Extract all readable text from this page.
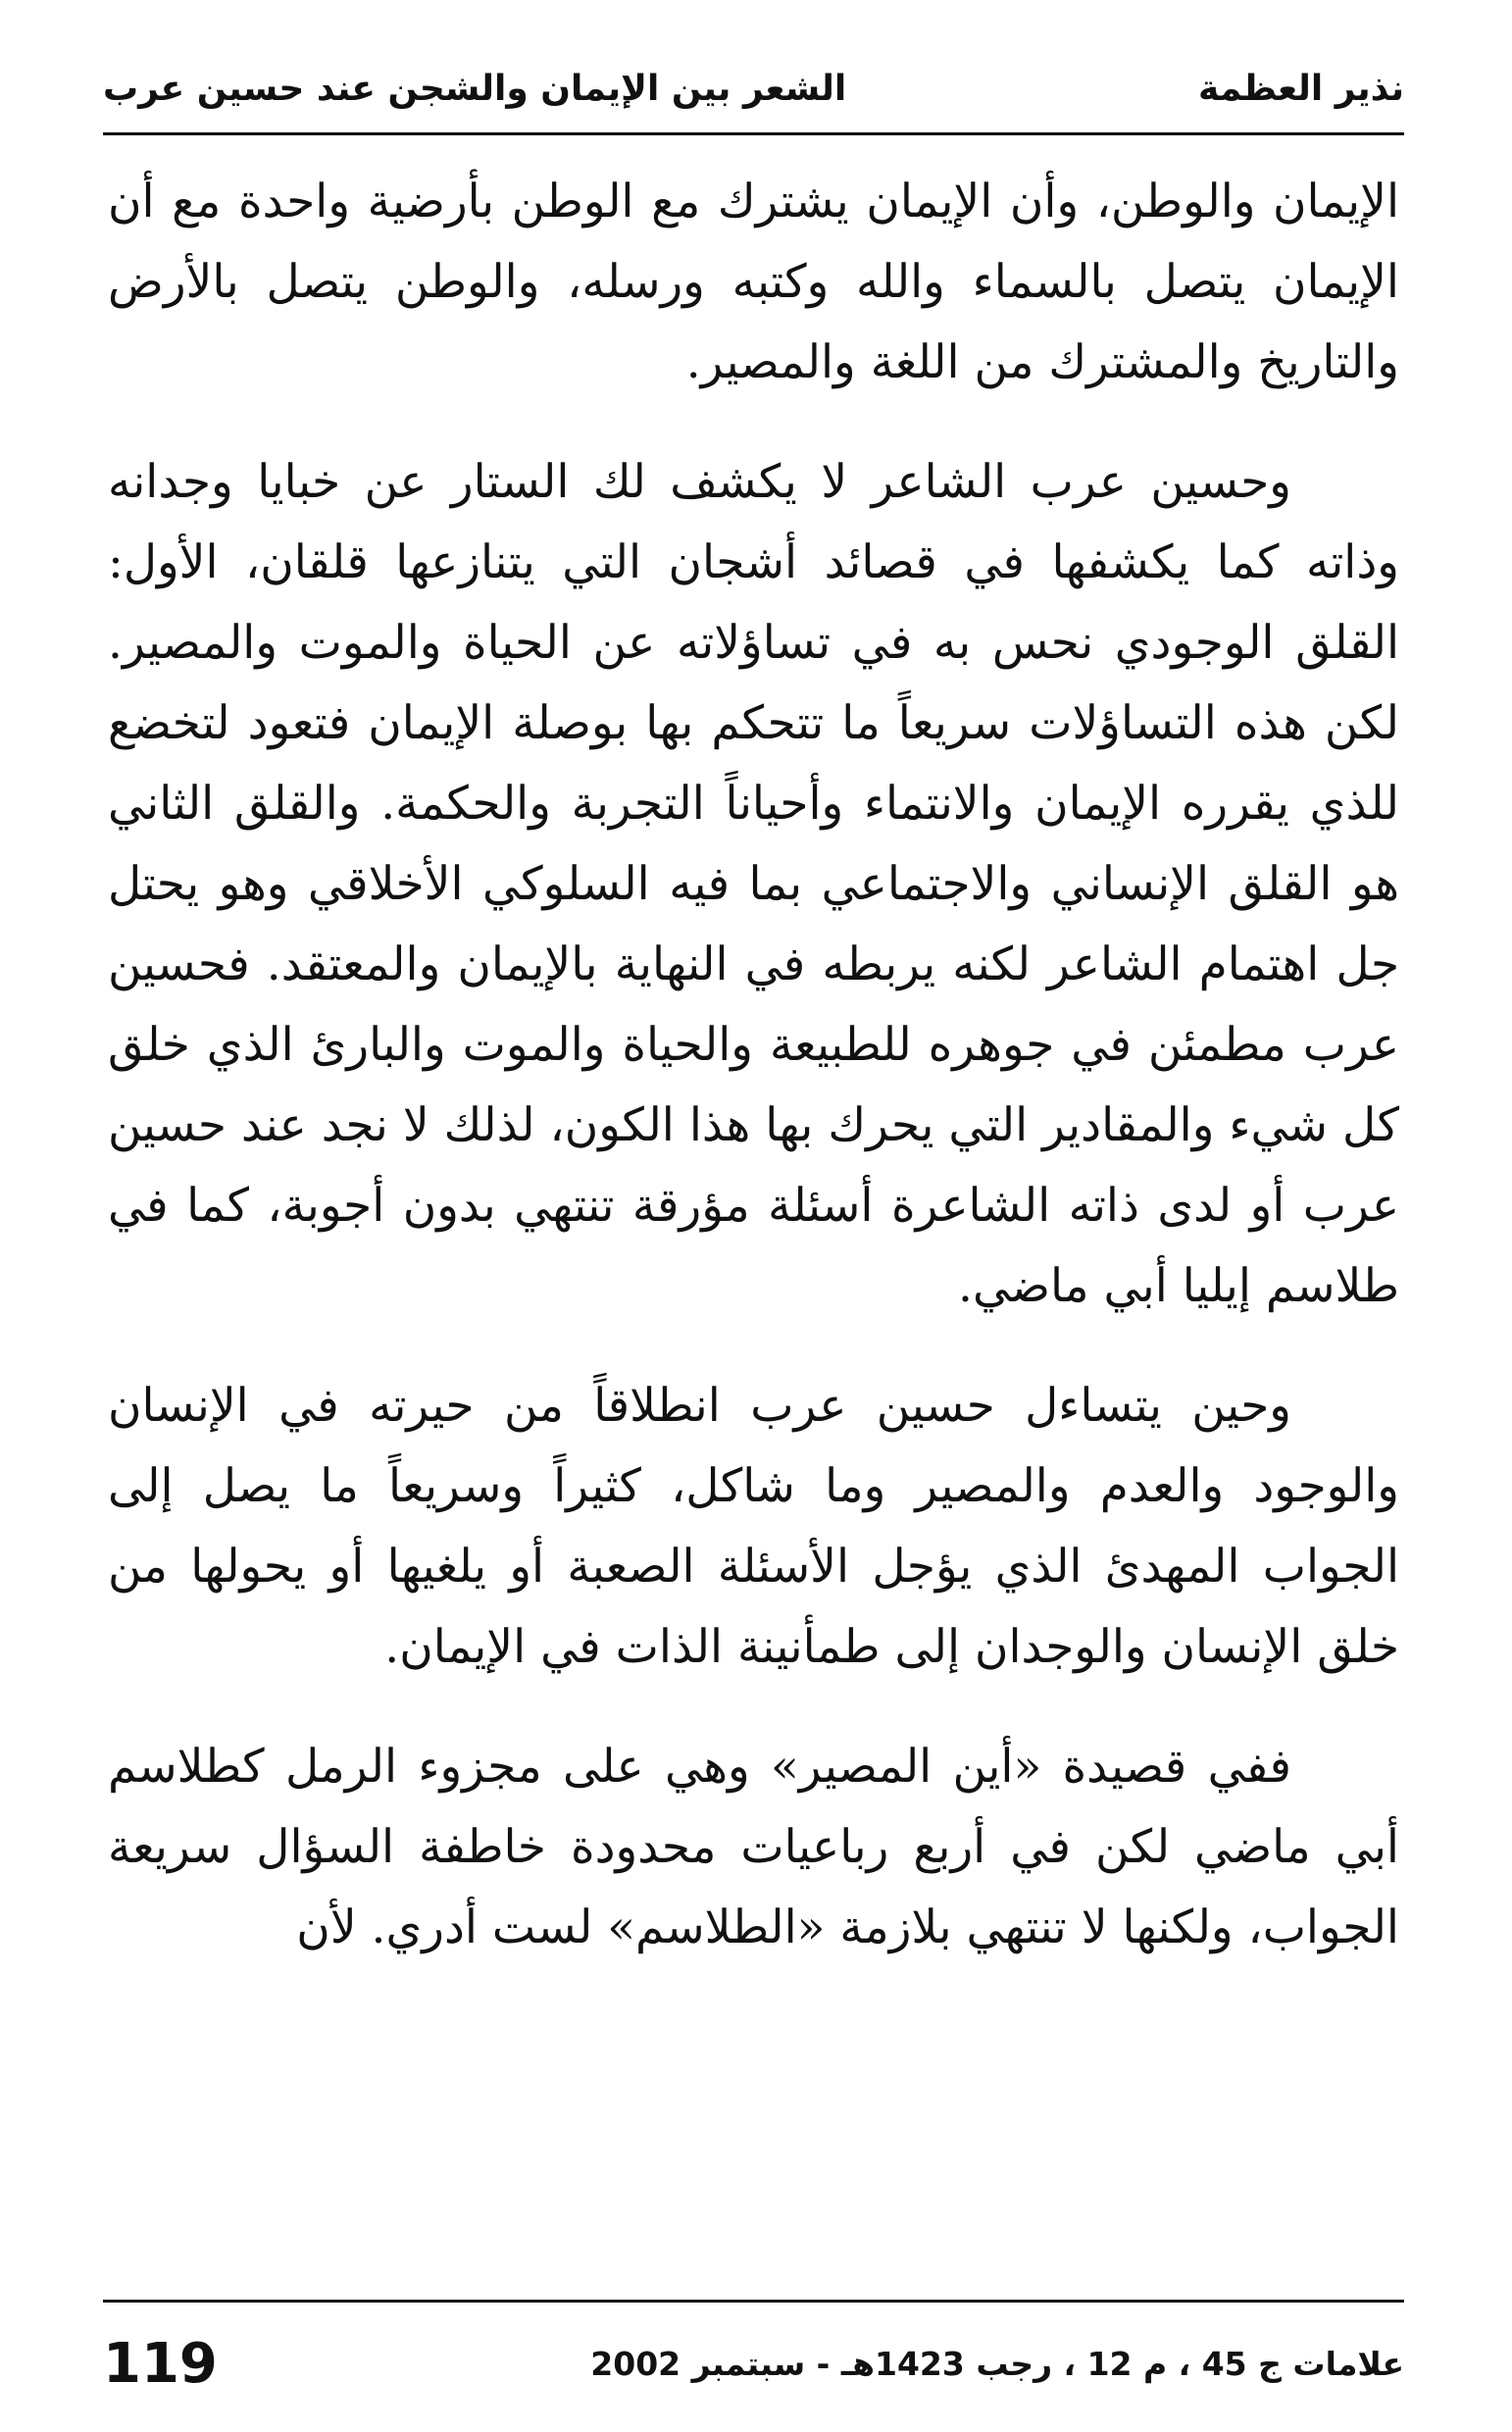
الشعر بين الإيمان والشجن عند حسين عرب	نذير العظمة

الإيمان والوطن، وأن الإيمان يشترك مع الوطن بأرضية واحدة مع أن الإيمان يتصل بالسماء والله وكتبه ورسله، والوطن يتصل بالأرض والتاريخ والمشترك من اللغة والمصير.

وحسين عرب الشاعر لا يكشف لك الستار عن خبايا وجدانه وذاته كما يكشفها في قصائد أشجان التي يتنازعها قلقان، الأول: القلق الوجودي نحس به في تساؤلاته عن الحياة والموت والمصير. لكن هذه التساؤلات سريعاً ما تتحكم بها بوصلة الإيمان فتعود لتخضع للذي يقرره الإيمان والانتماء وأحياناً التجربة والحكمة. والقلق الثاني هو القلق الإنساني والاجتماعي بما فيه السلوكي الأخلاقي وهو يحتل جل اهتمام الشاعر لكنه يربطه في النهاية بالإيمان والمعتقد. فحسين عرب مطمئن في جوهره للطبيعة والحياة والموت والبارئ الذي خلق كل شيء والمقادير التي يحرك بها هذا الكون، لذلك لا نجد عند حسين عرب أو لدى ذاته الشاعرة أسئلة مؤرقة تنتهي بدون أجوبة، كما في طلاسم إيليا أبي ماضي.

وحين يتساءل حسين عرب انطلاقاً من حيرته في الإنسان والوجود والعدم والمصير وما شاكل، كثيراً وسريعاً ما يصل إلى الجواب المهدئ الذي يؤجل الأسئلة الصعبة أو يلغيها أو يحولها من خلق الإنسان والوجدان إلى طمأنينة الذات في الإيمان.

ففي قصيدة «أين المصير» وهي على مجزوء الرمل كطلاسم أبي ماضي لكن في أربع رباعيات محدودة خاطفة السؤال سريعة الجواب، ولكنها لا تنتهي بلازمة «الطلاسم» لست أدري. لأن

119	علامات ج 45 ، م 12 ، رجب 1423هـ - سبتمبر 2002
